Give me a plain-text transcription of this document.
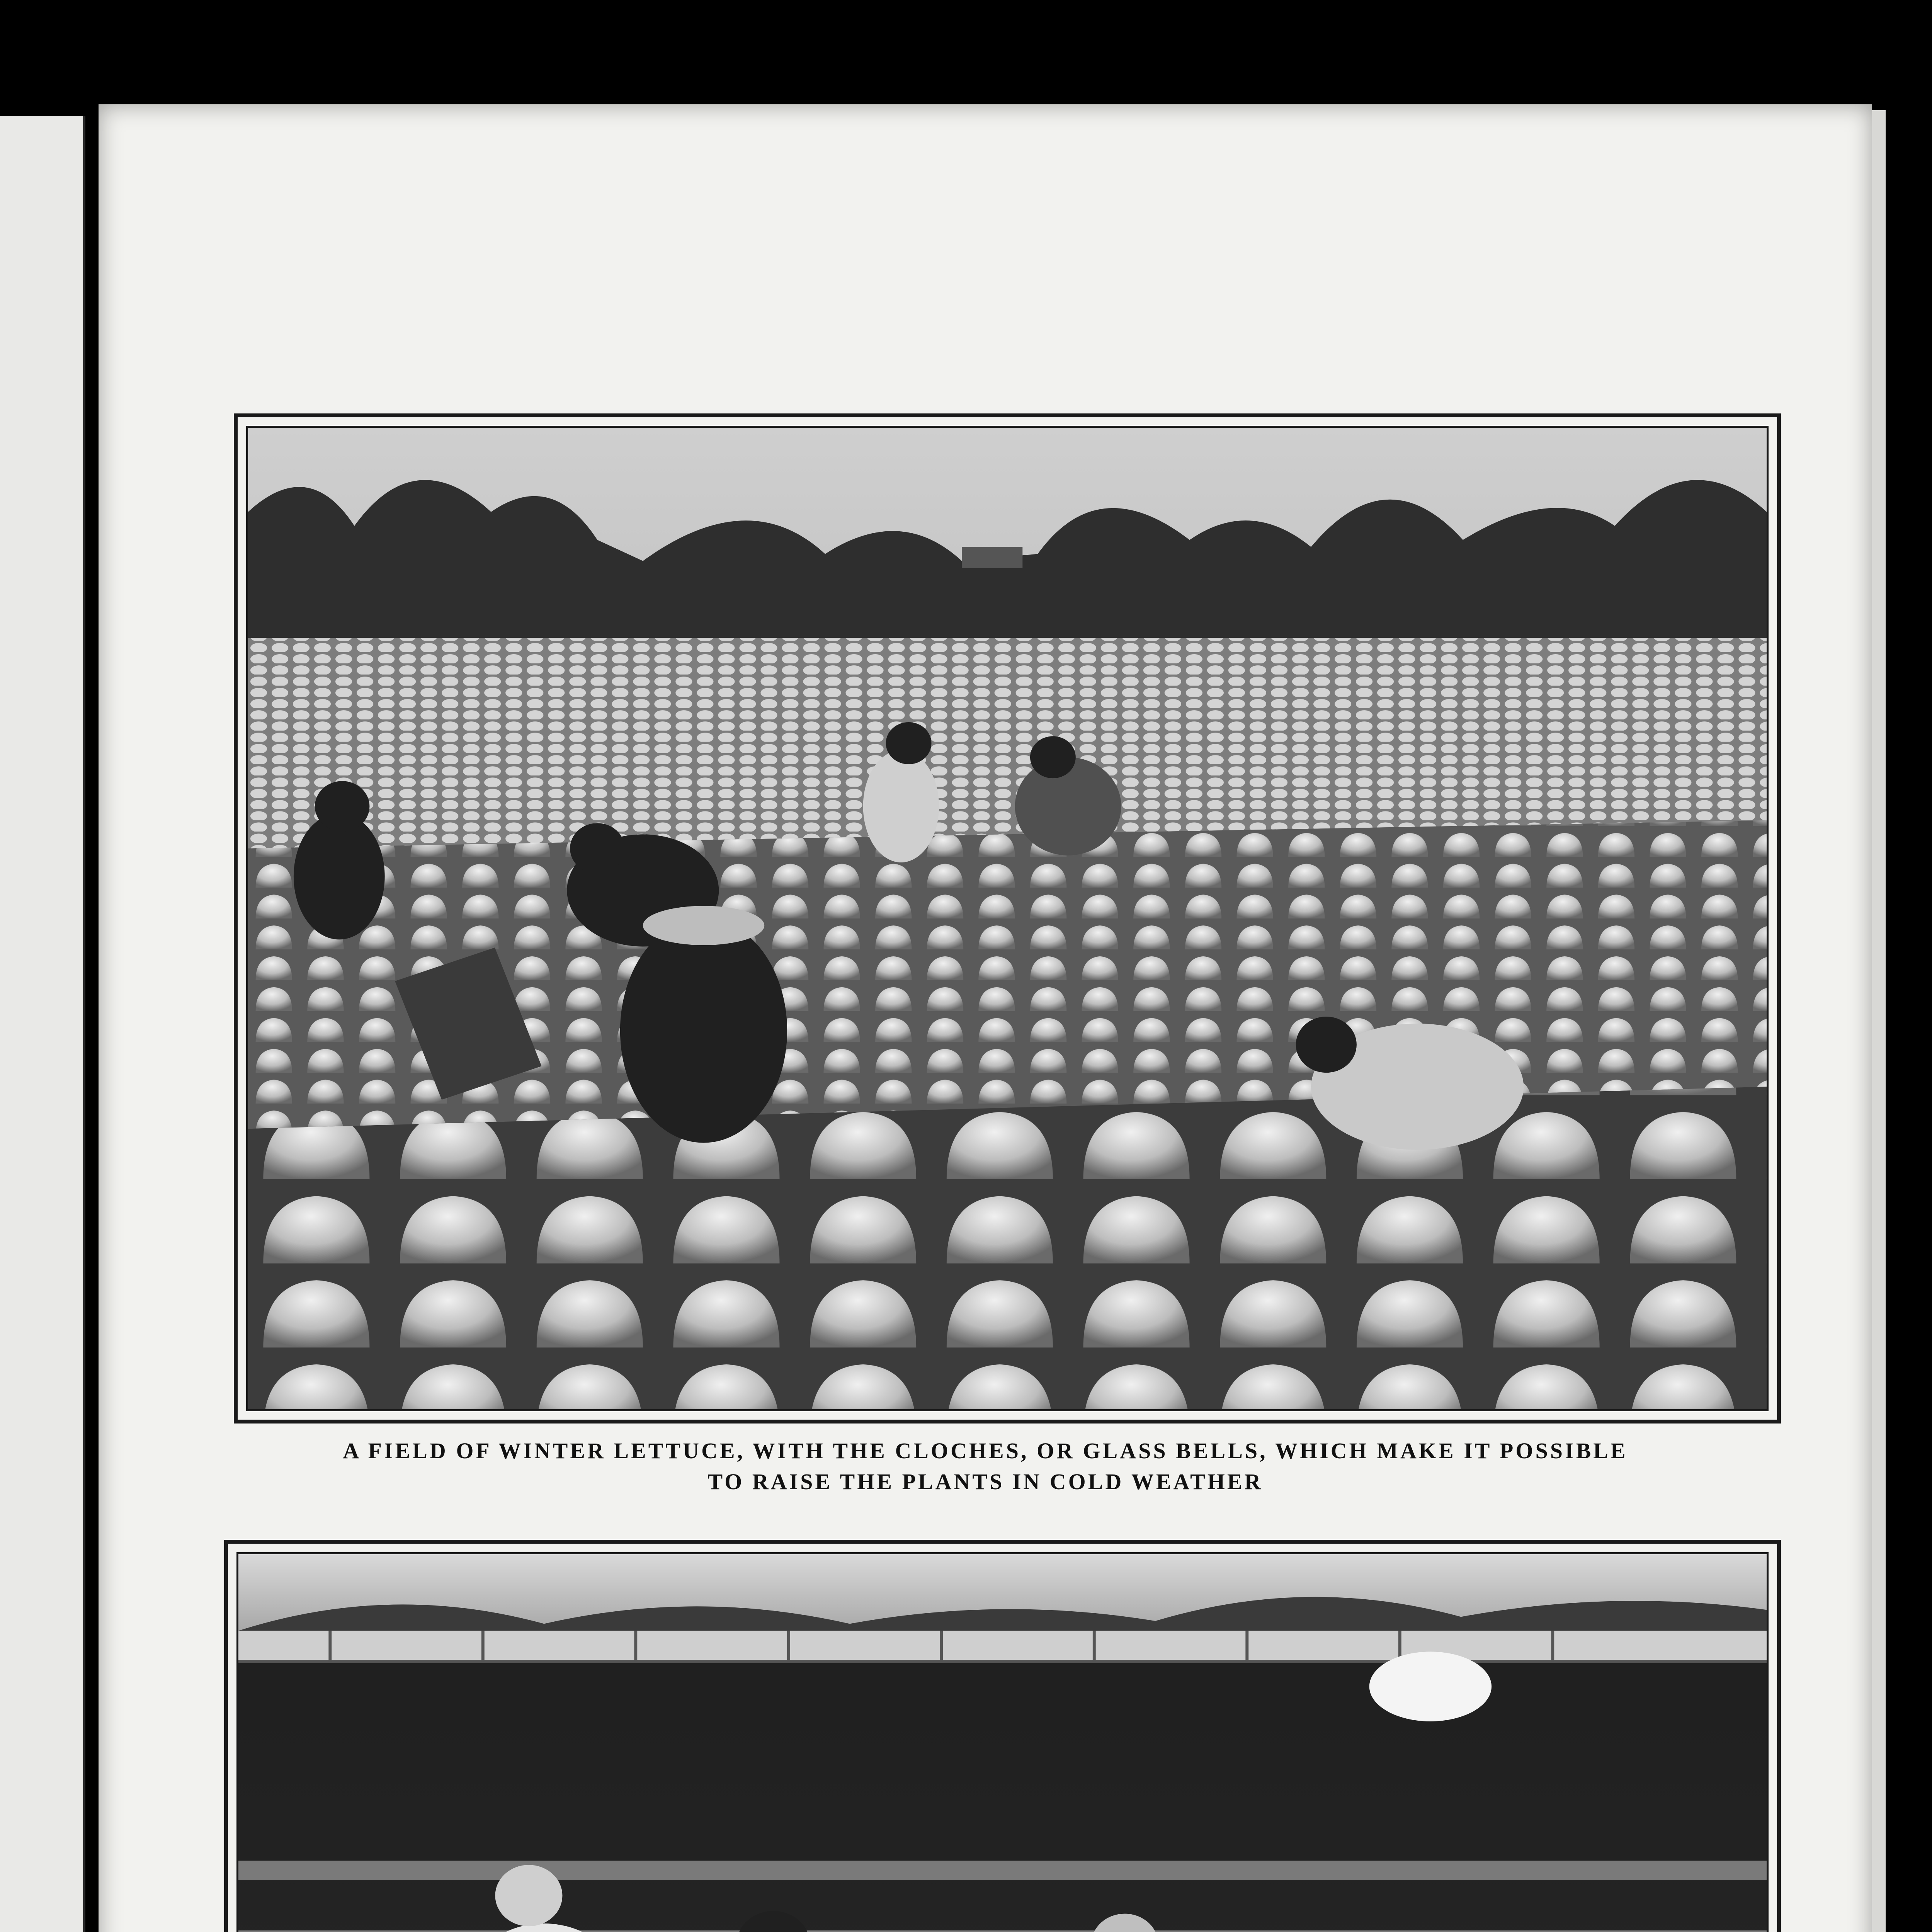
A FIELD OF WINTER LETTUCE, WITH THE CLOCHES, OR GLASS BELLS, WHICH MAKE IT POSSIBLE
TO RAISE THE PLANTS IN COLD WEATHER
